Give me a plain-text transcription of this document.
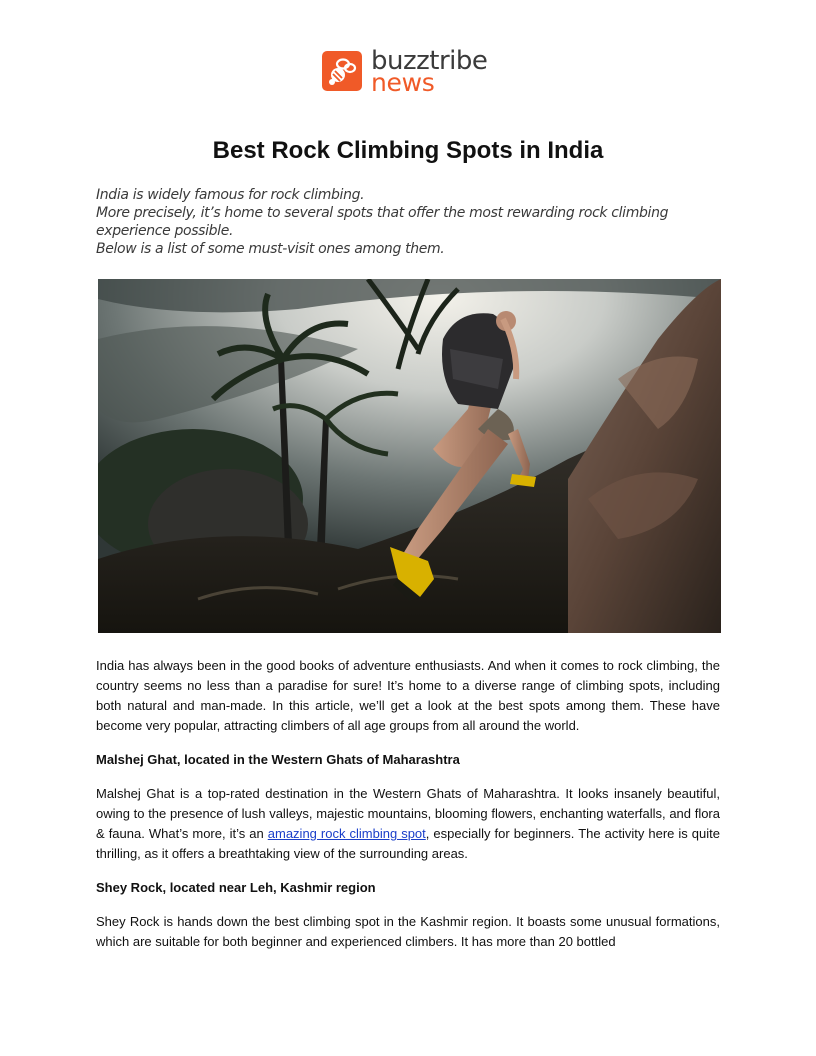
buzztribe
news
Best Rock Climbing Spots in India
India is widely famous for rock climbing.
More precisely, it’s home to several spots that offer the most rewarding rock climbing experience possible.
Below is a list of some must-visit ones among them.

India has always been in the good books of adventure enthusiasts. And when it comes to rock climbing, the country seems no less than a paradise for sure! It’s home to a diverse range of climbing spots, including both natural and man-made. In this article, we’ll get a look at the best spots among them. These have become very popular, attracting climbers of all age groups from all around the world.

Malshej Ghat, located in the Western Ghats of Maharashtra

Malshej Ghat is a top-rated destination in the Western Ghats of Maharashtra. It looks insanely beautiful, owing to the presence of lush valleys, majestic mountains, blooming flowers, enchanting waterfalls, and flora & fauna. What’s more, it’s an amazing rock climbing spot, especially for beginners. The activity here is quite thrilling, as it offers a breathtaking view of the surrounding areas.

Shey Rock, located near Leh, Kashmir region

Shey Rock is hands down the best climbing spot in the Kashmir region. It boasts some unusual formations, which are suitable for both beginner and experienced climbers. It has more than 20 bottled
